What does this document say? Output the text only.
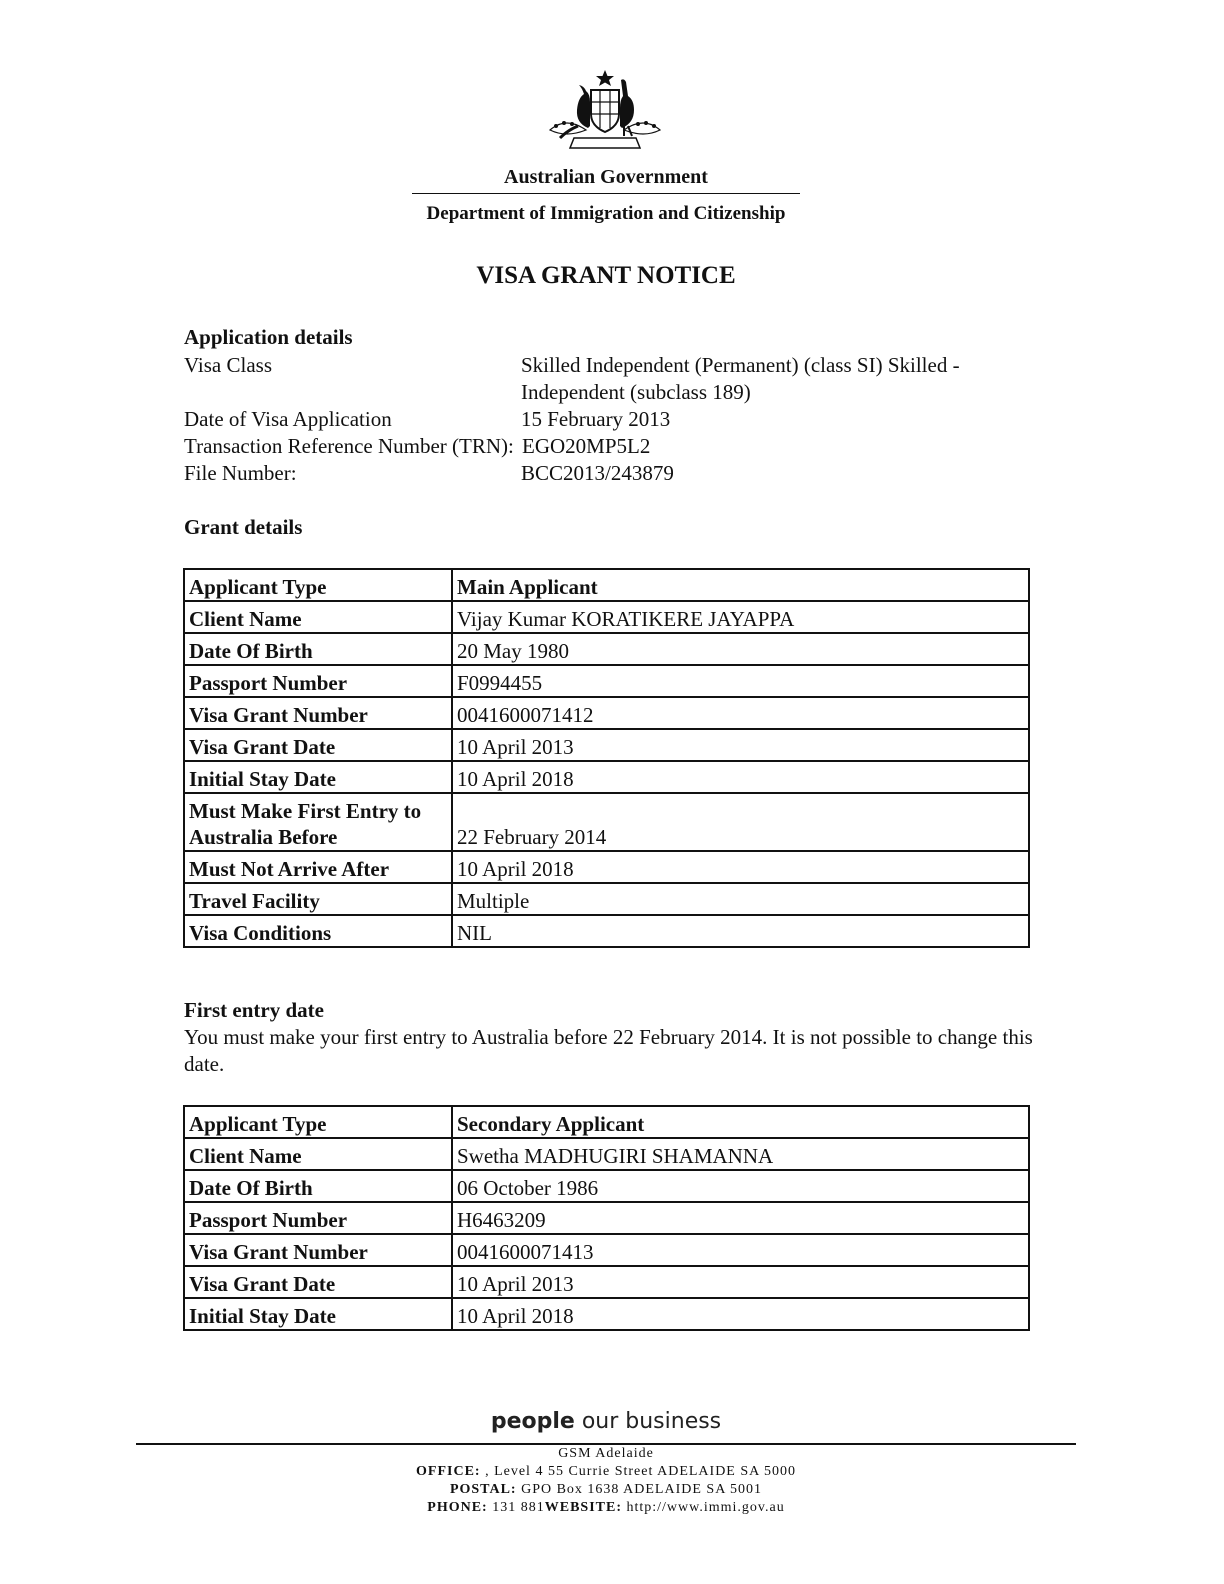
Australian Government
Department of Immigration and Citizenship
VISA GRANT NOTICE
Application details
Visa Class	Skilled Independent (Permanent) (class SI) Skilled -
Independent (subclass 189)
Date of Visa Application	15 February 2013
Transaction Reference Number (TRN): EGO20MP5L2
File Number:	BCC2013/243879
Grant details
Applicant Type	Main Applicant
Client Name	Vijay Kumar KORATIKERE JAYAPPA
Date Of Birth	20 May 1980
Passport Number	F0994455
Visa Grant Number	0041600071412
Visa Grant Date	10 April 2013
Initial Stay Date	10 April 2018
Must Make First Entry to Australia Before	22 February 2014
Must Not Arrive After	10 April 2018
Travel Facility	Multiple
Visa Conditions	NIL
First entry date
You must make your first entry to Australia before 22 February 2014. It is not possible to change this date.
Applicant Type	Secondary Applicant
Client Name	Swetha MADHUGIRI SHAMANNA
Date Of Birth	06 October 1986
Passport Number	H6463209
Visa Grant Number	0041600071413
Visa Grant Date	10 April 2013
Initial Stay Date	10 April 2018
people our business
GSM Adelaide
OFFICE: , Level 4 55 Currie Street ADELAIDE SA 5000
POSTAL: GPO Box 1638 ADELAIDE SA 5001
PHONE: 131 881WEBSITE: http://www.immi.gov.au
